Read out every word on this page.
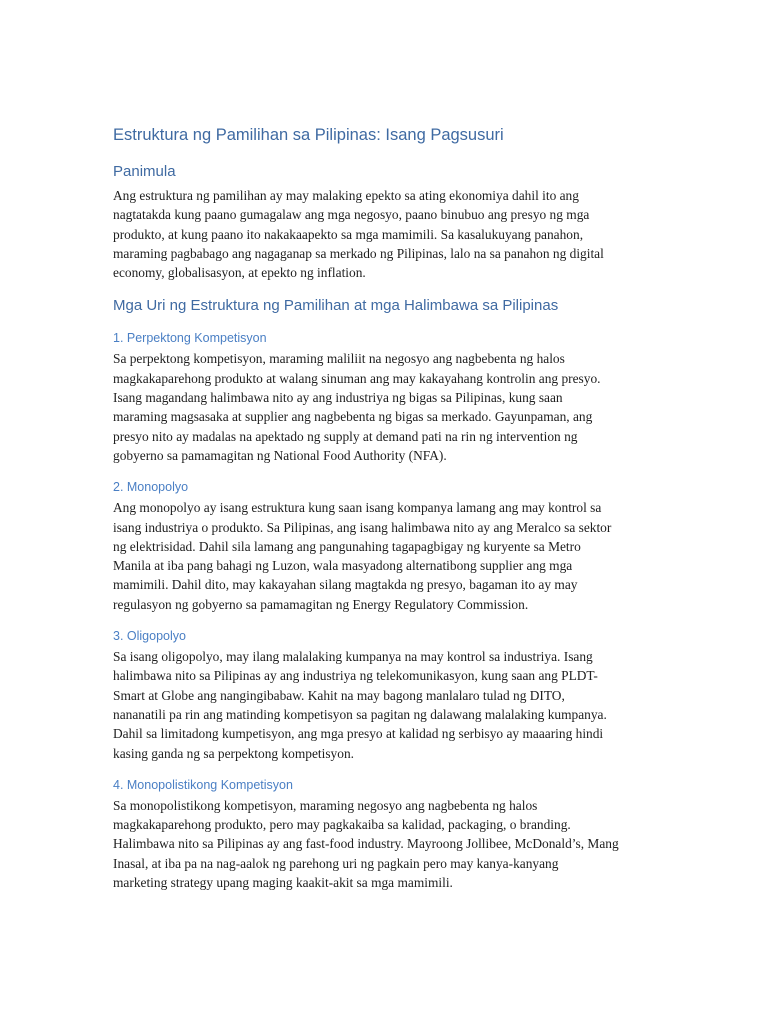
Estruktura ng Pamilihan sa Pilipinas: Isang Pagsusuri
Panimula
Ang estruktura ng pamilihan ay may malaking epekto sa ating ekonomiya dahil ito ang
nagtatakda kung paano gumagalaw ang mga negosyo, paano binubuo ang presyo ng mga
produkto, at kung paano ito nakakaapekto sa mga mamimili. Sa kasalukuyang panahon,
maraming pagbabago ang nagaganap sa merkado ng Pilipinas, lalo na sa panahon ng digital
economy, globalisasyon, at epekto ng inflation.
Mga Uri ng Estruktura ng Pamilihan at mga Halimbawa sa Pilipinas
1. Perpektong Kompetisyon
Sa perpektong kompetisyon, maraming maliliit na negosyo ang nagbebenta ng halos
magkakaparehong produkto at walang sinuman ang may kakayahang kontrolin ang presyo.
Isang magandang halimbawa nito ay ang industriya ng bigas sa Pilipinas, kung saan
maraming magsasaka at supplier ang nagbebenta ng bigas sa merkado. Gayunpaman, ang
presyo nito ay madalas na apektado ng supply at demand pati na rin ng intervention ng
gobyerno sa pamamagitan ng National Food Authority (NFA).
2. Monopolyo
Ang monopolyo ay isang estruktura kung saan isang kompanya lamang ang may kontrol sa
isang industriya o produkto. Sa Pilipinas, ang isang halimbawa nito ay ang Meralco sa sektor
ng elektrisidad. Dahil sila lamang ang pangunahing tagapagbigay ng kuryente sa Metro
Manila at iba pang bahagi ng Luzon, wala masyadong alternatibong supplier ang mga
mamimili. Dahil dito, may kakayahan silang magtakda ng presyo, bagaman ito ay may
regulasyon ng gobyerno sa pamamagitan ng Energy Regulatory Commission.
3. Oligopolyo
Sa isang oligopolyo, may ilang malalaking kumpanya na may kontrol sa industriya. Isang
halimbawa nito sa Pilipinas ay ang industriya ng telekomunikasyon, kung saan ang PLDT-
Smart at Globe ang nangingibabaw. Kahit na may bagong manlalaro tulad ng DITO,
nananatili pa rin ang matinding kompetisyon sa pagitan ng dalawang malalaking kumpanya.
Dahil sa limitadong kumpetisyon, ang mga presyo at kalidad ng serbisyo ay maaaring hindi
kasing ganda ng sa perpektong kompetisyon.
4. Monopolistikong Kompetisyon
Sa monopolistikong kompetisyon, maraming negosyo ang nagbebenta ng halos
magkakaparehong produkto, pero may pagkakaiba sa kalidad, packaging, o branding.
Halimbawa nito sa Pilipinas ay ang fast-food industry. Mayroong Jollibee, McDonald’s, Mang
Inasal, at iba pa na nag-aalok ng parehong uri ng pagkain pero may kanya-kanyang
marketing strategy upang maging kaakit-akit sa mga mamimili.
